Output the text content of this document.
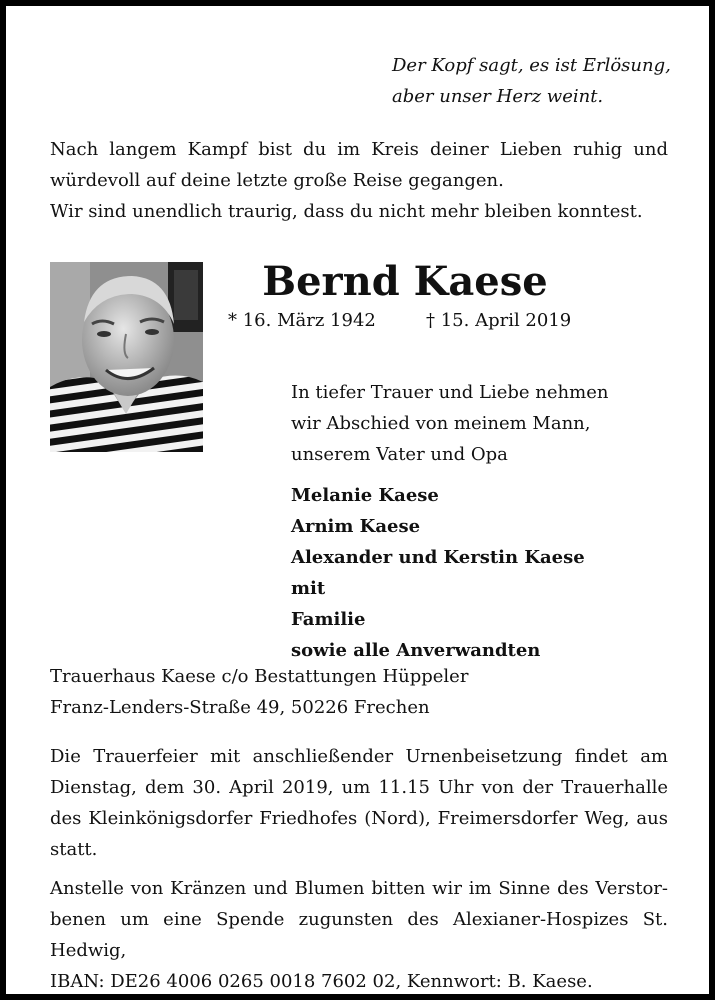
Der Kopf sagt, es ist Erlösung,
aber unser Herz weint.
Nach langem Kampf bist du im Kreis deiner Lieben ruhig und
würdevoll auf deine letzte große Reise gegangen.
Wir sind unendlich traurig, dass du nicht mehr bleiben konntest.
Bernd Kaese
* 16. März 1942	† 15. April 2019
In tiefer Trauer und Liebe nehmen
wir Abschied von meinem Mann,
unserem Vater und Opa
Melanie Kaese
Arnim Kaese
Alexander und Kerstin Kaese mit
Familie
sowie alle Anverwandten
Trauerhaus Kaese c/o Bestattungen Hüppeler
Franz-Lenders-Straße 49, 50226 Frechen
Die Trauerfeier mit anschließender Urnenbeisetzung findet am
Dienstag, dem 30. April 2019, um 11.15 Uhr von der Trauerhalle
des Kleinkönigsdorfer Friedhofes (Nord), Freimersdorfer Weg, aus
statt.
Anstelle von Kränzen und Blumen bitten wir im Sinne des Verstor-
benen um eine Spende zugunsten des Alexianer-Hospizes St. Hedwig,
IBAN: DE26 4006 0265 0018 7602 02, Kennwort: B. Kaese.
